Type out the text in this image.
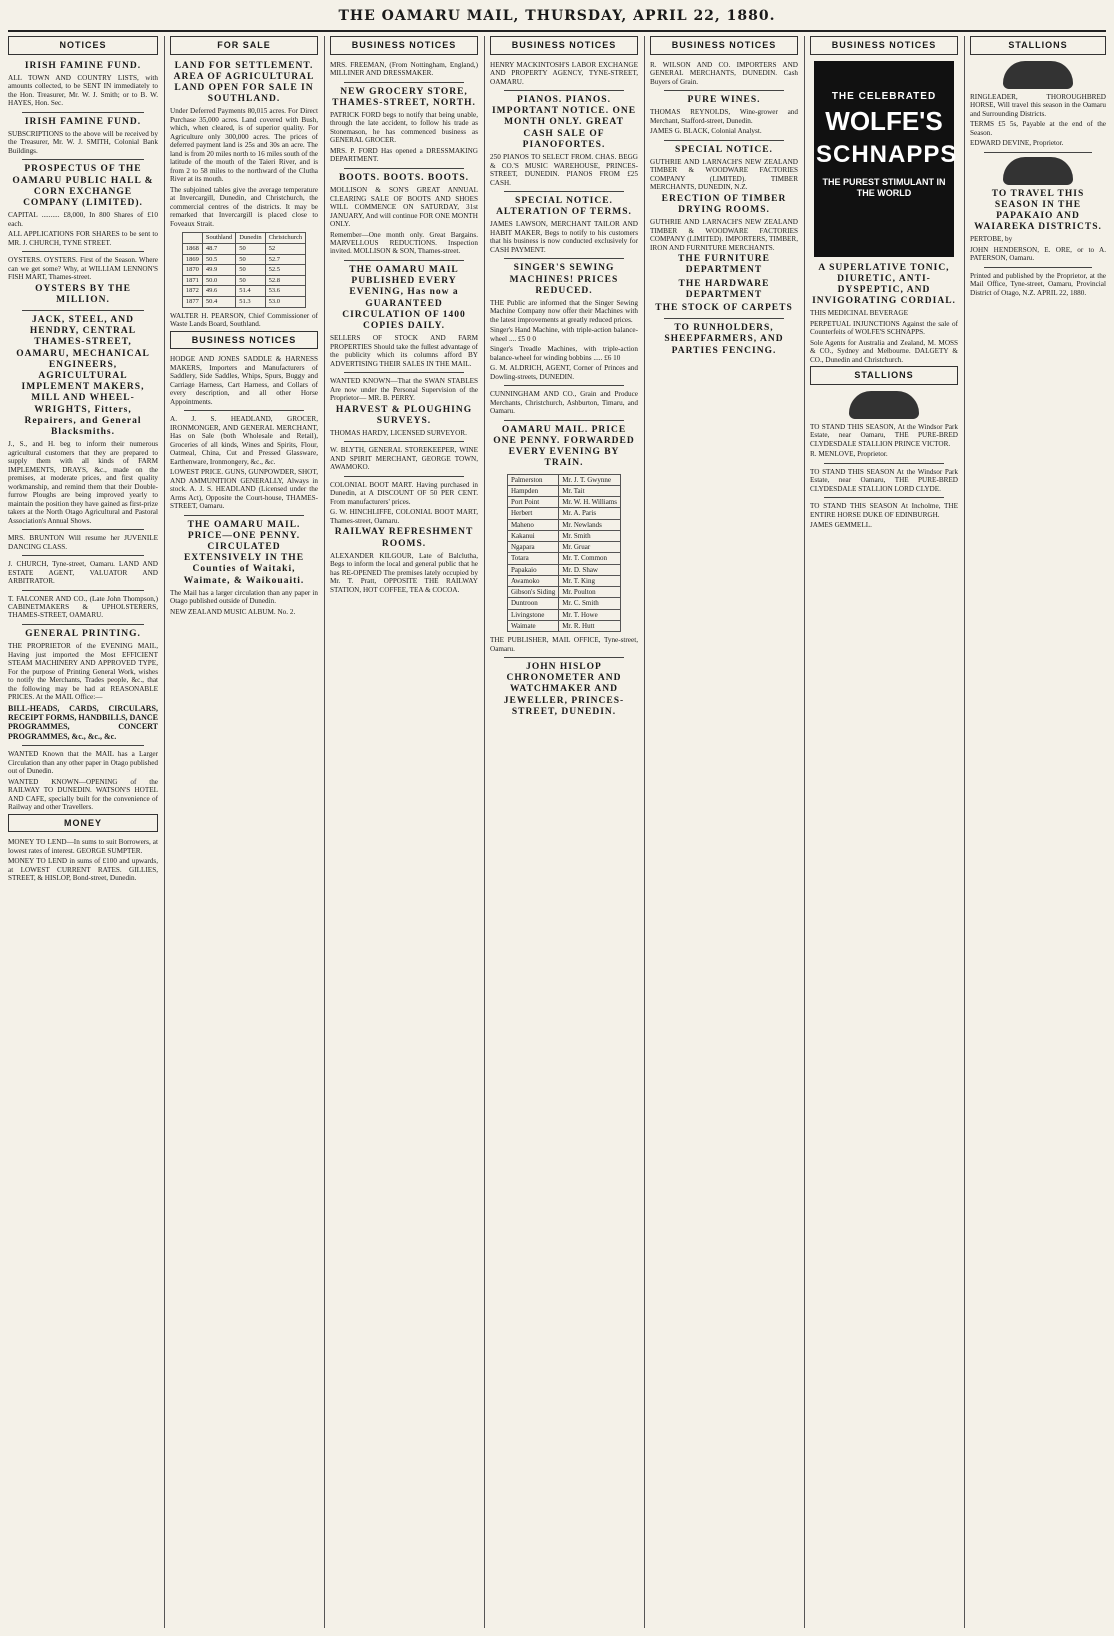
THE OAMARU MAIL, THURSDAY, APRIL 22, 1880.
NOTICES
IRISH FAMINE FUND.

ALL TOWN AND COUNTRY LISTS, with amounts collected, to be SENT IN immediately to the Hon. Treasurer, Mr. W. J. Smith; or to B. W. HAYES, Hon. Sec.

IRISH FAMINE FUND.

SUBSCRIPTIONS to the above will be received by the Treasurer, Mr. W. J. SMITH, Colonial Bank Buildings.

PROSPECTUS OF THE OAMARU PUBLIC HALL & CORN EXCHANGE COMPANY (LIMITED).

CAPITAL .......... £8,000, In 800 Shares of £10 each.

ALL APPLICATIONS FOR SHARES to be sent to MR. J. CHURCH, TYNE STREET.

OYSTERS. OYSTERS. First of the Season. Where can we get some? Why, at WILLIAM LENNON'S FISH MART, Thames-street.

OYSTERS BY THE MILLION.
JACK, STEEL, AND HENDRY, CENTRAL THAMES-STREET, OAMARU, MECHANICAL ENGINEERS, AGRICULTURAL IMPLEMENT MAKERS, MILL AND WHEEL-WRIGHTS, Fitters, Repairers, and General Blacksmiths.

J., S., and H. beg to inform their numerous agricultural customers that they are prepared to supply them with all kinds of FARM IMPLEMENTS, DRAYS, &c., made on the premises, at moderate prices, and first quality workmanship, and remind them that their Double-furrow Ploughs are being improved yearly to maintain the position they have gained as first-prize takers at the North Otago Agricultural and Pastoral Association's Annual Shows.

MRS. BRUNTON Will resume her JUVENILE DANCING CLASS.

J. CHURCH, Tyne-street, Oamaru. LAND AND ESTATE AGENT, VALUATOR AND ARBITRATOR.

T. FALCONER AND CO., (Late John Thompson,) CABINETMAKERS & UPHOLSTERERS, THAMES-STREET, OAMARU.

GENERAL PRINTING.

THE PROPRIETOR of the EVENING MAIL, Having just imported the Most EFFICIENT STEAM MACHINERY AND APPROVED TYPE, For the purpose of Printing General Work, wishes to notify the Merchants, Trades people, &c., that the following may be had at REASONABLE PRICES. At the MAIL Office:—

BILL-HEADS, CARDS, CIRCULARS, RECEIPT FORMS, HANDBILLS, DANCE PROGRAMMES, CONCERT PROGRAMMES, &c., &c., &c.

WANTED Known that the MAIL has a Larger Circulation than any other paper in Otago published out of Dunedin.

WANTED KNOWN—OPENING of the RAILWAY TO DUNEDIN. WATSON'S HOTEL AND CAFE, specially built for the convenience of Railway and other Travellers.

MONEY

MONEY TO LEND—In sums to suit Borrowers, at lowest rates of interest. GEORGE SUMPTER.

MONEY TO LEND in sums of £100 and upwards, at LOWEST CURRENT RATES. GILLIES, STREET, & HISLOP, Bond-street, Dunedin.

FOR SALE
LAND FOR SETTLEMENT. AREA OF AGRICULTURAL LAND OPEN FOR SALE IN SOUTHLAND.

Under Deferred Payments 80,015 acres. For Direct Purchase 35,000 acres. Land covered with Bush, which, when cleared, is of superior quality. For Agriculture only 300,000 acres. The prices of deferred payment land is 25s and 30s an acre. The land is from 20 miles north to 16 miles south of the latitude of the mouth of the Taieri River, and is from 2 to 58 miles to the northward of the Clutha River at its mouth.

The subjoined tables give the average temperature at Invercargill, Dunedin, and Christchurch, the commercial centres of the districts. It may be remarked that Invercargill is placed close to Foveaux Strait.

	Southland	Dunedin	Christchurch
1868	48.7	50	52
1869	50.5	50	52.7
1870	49.9	50	52.5
1871	50.0	50	52.8
1872	49.6	51.4	53.6
1877	50.4	51.3	53.0

WALTER H. PEARSON, Chief Commissioner of Waste Lands Board, Southland.

BUSINESS NOTICES

HODGE AND JONES SADDLE & HARNESS MAKERS, Importers and Manufacturers of Saddlery, Side Saddles, Whips, Spurs, Buggy and Carriage Harness, Cart Harness, and Collars of every description, and all other Horse Appointments.

A. J. S. HEADLAND, GROCER, IRONMONGER, AND GENERAL MERCHANT, Has on Sale (both Wholesale and Retail), Groceries of all kinds, Wines and Spirits, Flour, Oatmeal, China, Cut and Pressed Glassware, Earthenware, Ironmongery, &c., &c.

LOWEST PRICE. GUNS, GUNPOWDER, SHOT, AND AMMUNITION GENERALLY, Always in stock. A. J. S. HEADLAND (Licensed under the Arms Act), Opposite the Court-house, THAMES-STREET, Oamaru.

THE OAMARU MAIL. PRICE—ONE PENNY. CIRCULATED EXTENSIVELY IN THE Counties of Waitaki, Waimate, & Waikouaiti.

The Mail has a larger circulation than any paper in Otago published outside of Dunedin.

NEW ZEALAND MUSIC ALBUM. No. 2.

BUSINESS NOTICES

MRS. FREEMAN, (From Nottingham, England,) MILLINER AND DRESSMAKER.

NEW GROCERY STORE, THAMES-STREET, NORTH.

PATRICK FORD begs to notify that being unable, through the late accident, to follow his trade as Stonemason, he has commenced business as GENERAL GROCER.

MRS. P. FORD Has opened a DRESSMAKING DEPARTMENT.

BOOTS. BOOTS. BOOTS.

MOLLISON & SON'S GREAT ANNUAL CLEARING SALE OF BOOTS AND SHOES WILL COMMENCE ON SATURDAY, 31st JANUARY, And will continue FOR ONE MONTH ONLY.

Remember—One month only. Great Bargains. MARVELLOUS REDUCTIONS. Inspection invited. MOLLISON & SON, Thames-street.

THE OAMARU MAIL PUBLISHED EVERY EVENING, Has now a GUARANTEED CIRCULATION OF 1400 COPIES DAILY.

SELLERS OF STOCK AND FARM PROPERTIES Should take the fullest advantage of the publicity which its columns afford BY ADVERTISING THEIR SALES IN THE MAIL.

WANTED KNOWN—That the SWAN STABLES Are now under the Personal Supervision of the Proprietor— MR. B. PERRY.

HARVEST & PLOUGHING SURVEYS.

THOMAS HARDY, LICENSED SURVEYOR.

W. BLYTH, GENERAL STOREKEEPER, WINE AND SPIRIT MERCHANT, GEORGE TOWN, AWAMOKO.

COLONIAL BOOT MART. Having purchased in Dunedin, at A DISCOUNT OF 50 PER CENT. From manufacturers' prices.

G. W. HINCHLIFFE, COLONIAL BOOT MART, Thames-street, Oamaru.

RAILWAY REFRESHMENT ROOMS.

ALEXANDER KILGOUR, Late of Balclutha, Begs to inform the local and general public that he has RE-OPENED The premises lately occupied by Mr. T. Pratt, OPPOSITE THE RAILWAY STATION, HOT COFFEE, TEA & COCOA.

BUSINESS NOTICES

HENRY MACKINTOSH'S LABOR EXCHANGE AND PROPERTY AGENCY, TYNE-STREET, OAMARU.

PIANOS. PIANOS. IMPORTANT NOTICE. ONE MONTH ONLY. GREAT CASH SALE OF PIANOFORTES.

250 PIANOS TO SELECT FROM. CHAS. BEGG & CO.'S MUSIC WAREHOUSE, PRINCES-STREET, DUNEDIN. PIANOS FROM £25 CASH.

SPECIAL NOTICE. ALTERATION OF TERMS.

JAMES LAWSON, MERCHANT TAILOR AND HABIT MAKER, Begs to notify to his customers that his business is now conducted exclusively for CASH PAYMENT.

SINGER'S SEWING MACHINES! PRICES REDUCED.

THE Public are informed that the Singer Sewing Machine Company now offer their Machines with the latest improvements at greatly reduced prices.

Singer's Hand Machine, with triple-action balance-wheel .... £5 0 0

Singer's Treadle Machines, with triple-action balance-wheel for winding bobbins ..... £6 10

G. M. ALDRICH, AGENT, Corner of Princes and Dowling-streets, DUNEDIN.

CUNNINGHAM AND CO., Grain and Produce Merchants, Christchurch, Ashburton, Timaru, and Oamaru.

OAMARU MAIL. PRICE ONE PENNY. FORWARDED EVERY EVENING BY TRAIN.
Palmerston	Mr. J. T. Gwynne
Hampden	Mr. Tait
Port Point	Mr. W. H. Williams
Herbert	Mr. A. Paris
Maheno	Mr. Newlands
Kakanui	Mr. Smith
Ngapara	Mr. Gruar
Totara	Mr. T. Common
Papakaio	Mr. D. Shaw
Awamoko	Mr. T. King
Gibson's Siding	Mr. Poulton
Duntroon	Mr. C. Smith
Livingstone	Mr. T. Howe
Waimate	Mr. R. Hutt

THE PUBLISHER, MAIL OFFICE, Tyne-street, Oamaru.

JOHN HISLOP CHRONOMETER AND WATCHMAKER AND JEWELLER, PRINCES-STREET, DUNEDIN.
BUSINESS NOTICES

R. WILSON AND CO. IMPORTERS AND GENERAL MERCHANTS, DUNEDIN. Cash Buyers of Grain.

PURE WINES.

THOMAS REYNOLDS, Wine-grower and Merchant, Stafford-street, Dunedin.

JAMES G. BLACK, Colonial Analyst.

SPECIAL NOTICE.

GUTHRIE AND LARNACH'S NEW ZEALAND TIMBER & WOODWARE FACTORIES COMPANY (LIMITED). TIMBER MERCHANTS, DUNEDIN, N.Z.

ERECTION OF TIMBER DRYING ROOMS.

GUTHRIE AND LARNACH'S NEW ZEALAND TIMBER & WOODWARE FACTORIES COMPANY (LIMITED). IMPORTERS, TIMBER, IRON AND FURNITURE MERCHANTS.

THE FURNITURE DEPARTMENT
THE HARDWARE DEPARTMENT
THE STOCK OF CARPETS
TO RUNHOLDERS, SHEEPFARMERS, AND PARTIES FENCING.
BUSINESS NOTICES
THE CELEBRATED
WOLFE'S
SCHNAPPS
THE PUREST STIMULANT IN THE WORLD
A SUPERLATIVE TONIC, DIURETIC, ANTI-DYSPEPTIC, AND INVIGORATING CORDIAL.

THIS MEDICINAL BEVERAGE

PERPETUAL INJUNCTIONS Against the sale of Counterfeits of WOLFE'S SCHNAPPS.

Sole Agents for Australia and Zealand, M. MOSS & CO., Sydney and Melbourne. DALGETY & CO., Dunedin and Christchurch.

STALLIONS

TO STAND THIS SEASON, At the Windsor Park Estate, near Oamaru, THE PURE-BRED CLYDESDALE STALLION PRINCE VICTOR.

R. MENLOVE, Proprietor.

TO STAND THIS SEASON At the Windsor Park Estate, near Oamaru, THE PURE-BRED CLYDESDALE STALLION LORD CLYDE.

TO STAND THIS SEASON At Incholme, THE ENTIRE HORSE DUKE OF EDINBURGH.

JAMES GEMMELL.

STALLIONS

RINGLEADER, THOROUGHBRED HORSE, Will travel this season in the Oamaru and Surrounding Districts.

TERMS £5 5s, Payable at the end of the Season.

EDWARD DEVINE, Proprietor.

TO TRAVEL THIS SEASON IN THE PAPAKAIO AND WAIAREKA DISTRICTS.

PERTOBE, by

JOHN HENDERSON, E. ORE, or to A. PATERSON, Oamaru.

Printed and published by the Proprietor, at the Mail Office, Tyne-street, Oamaru, Provincial District of Otago, N.Z. APRIL 22, 1880.
